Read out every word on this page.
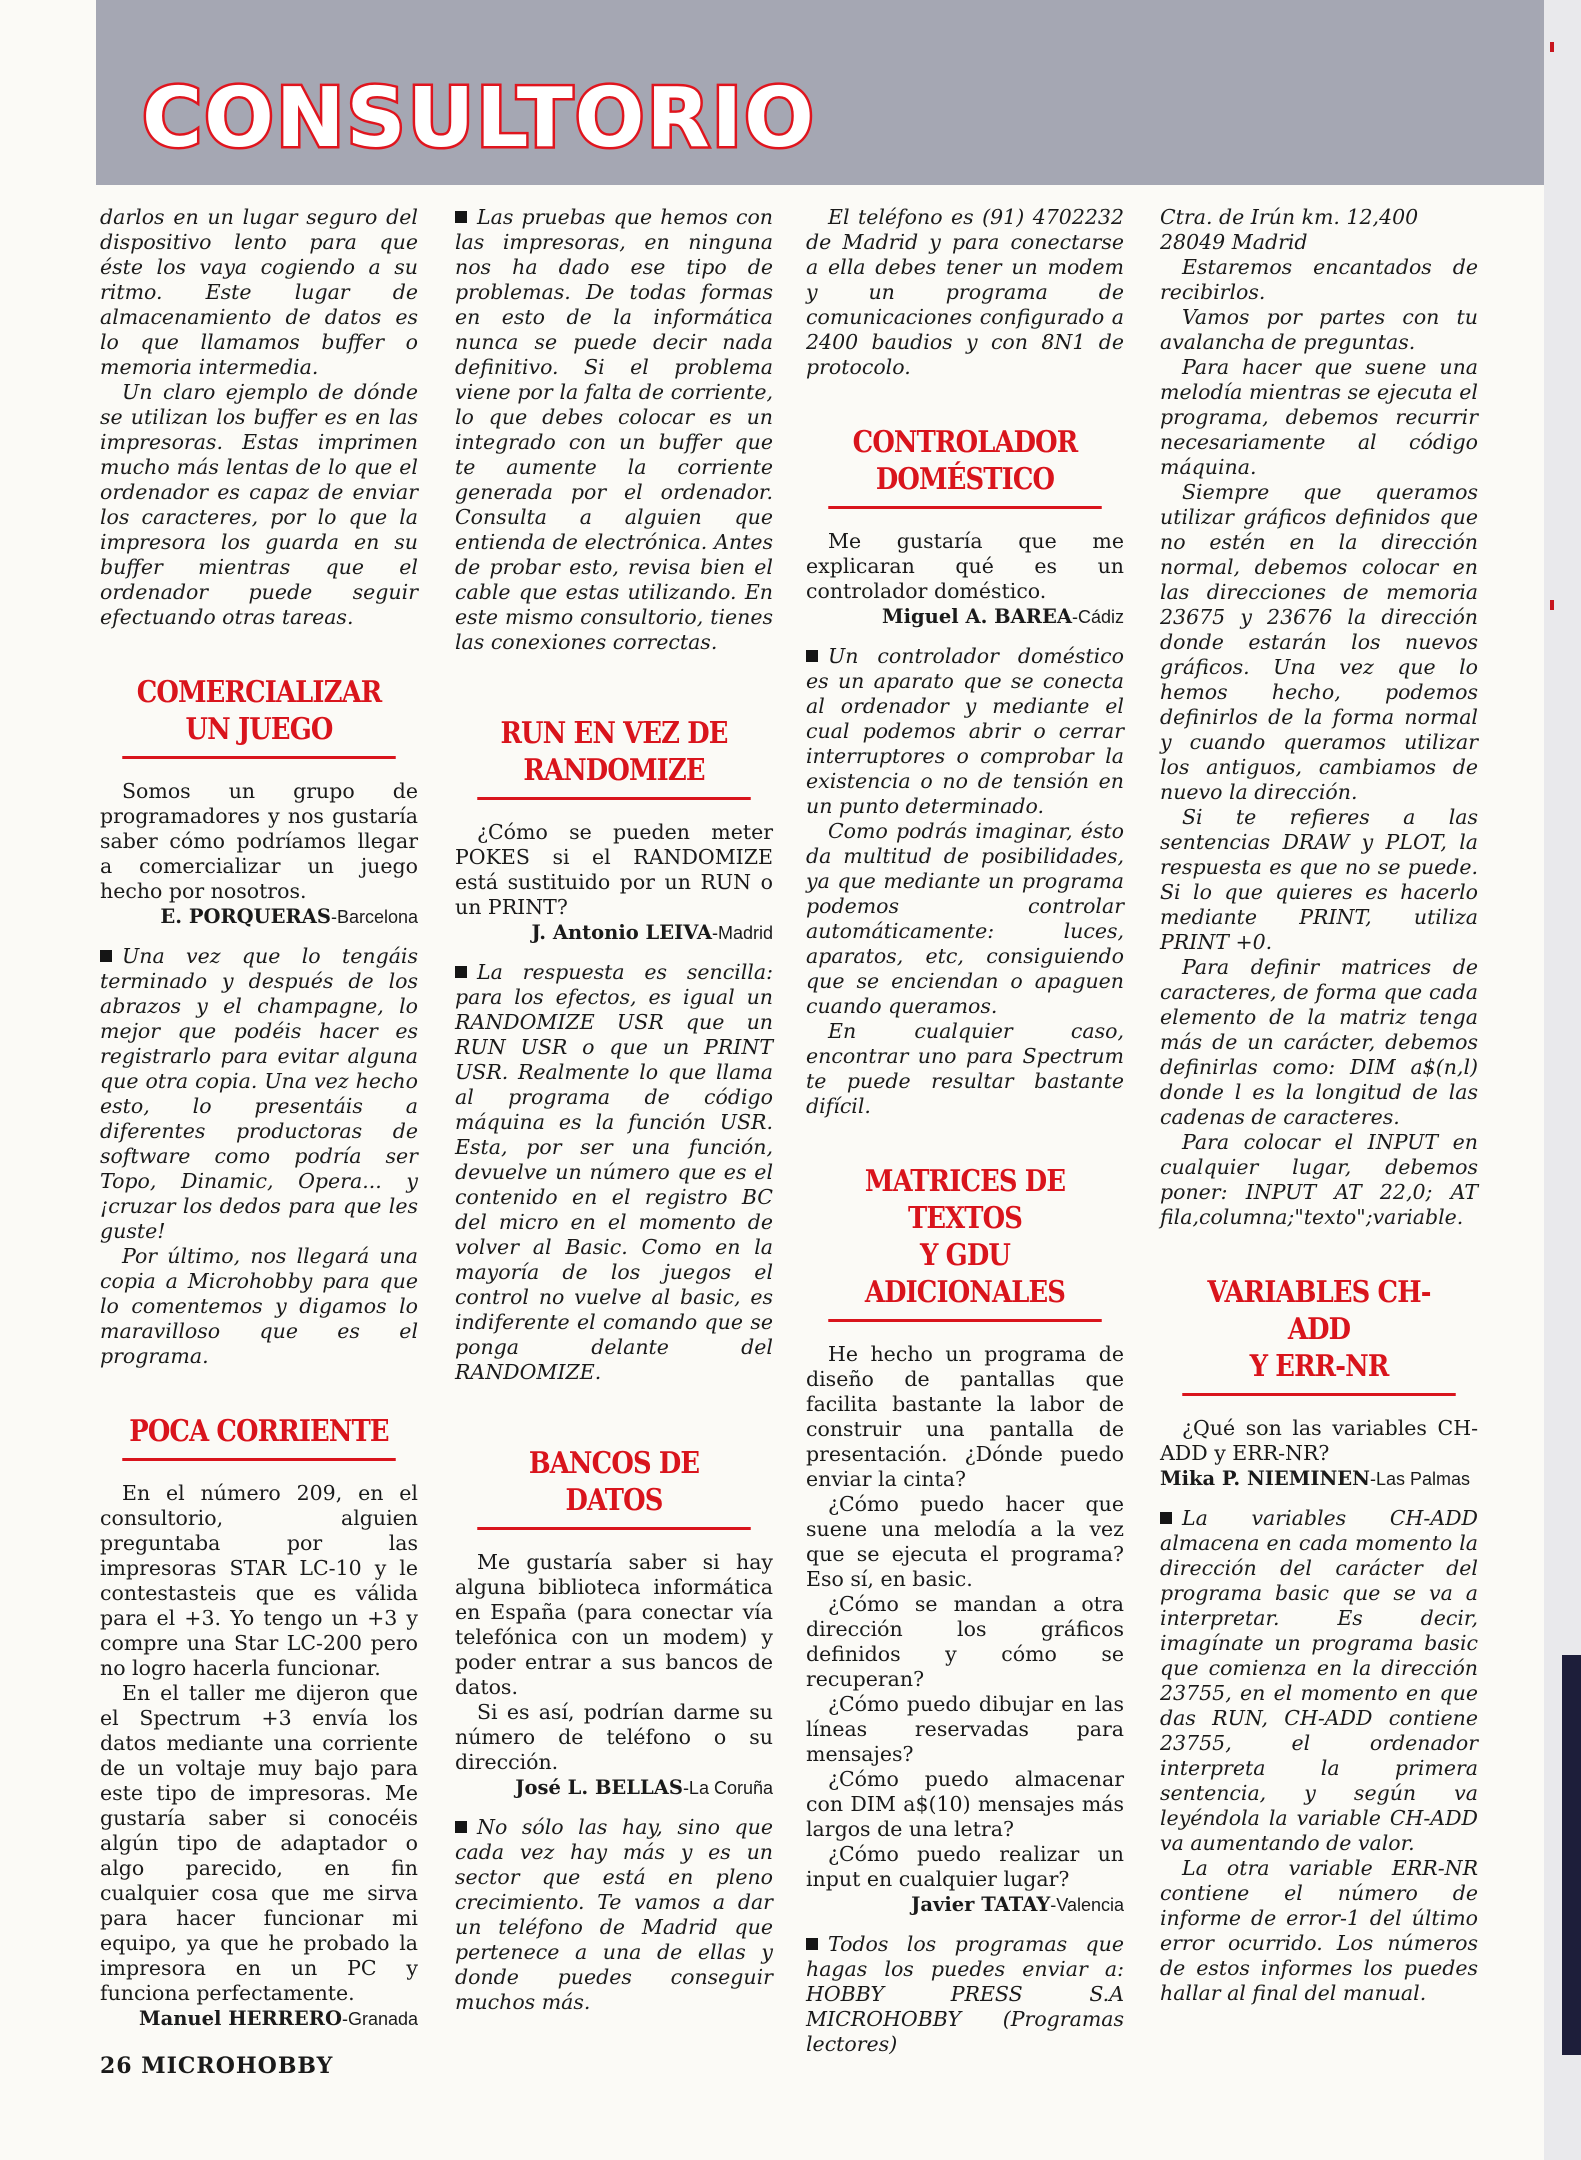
CONSULTORIO

darlos en un lugar seguro del dispositivo lento para que éste los vaya cogiendo a su ritmo. Este lugar de almacenamiento de datos es lo que llamamos buffer o memoria intermedia.

Un claro ejemplo de dónde se utilizan los buffer es en las impresoras. Estas imprimen mucho más lentas de lo que el ordenador es capaz de enviar los caracteres, por lo que la impresora los guarda en su buffer mientras que el ordenador puede seguir efectuando otras tareas.

COMERCIALIZAR
UN JUEGO

Somos un grupo de programadores y nos gustaría saber cómo podríamos llegar a comercializar un juego hecho por nosotros.

E. PORQUERAS-Barcelona

Una vez que lo tengáis terminado y después de los abrazos y el champagne, lo mejor que podéis hacer es registrarlo para evitar alguna que otra copia. Una vez hecho esto, lo presentáis a diferentes productoras de software como podría ser Topo, Dinamic, Opera... y ¡cruzar los dedos para que les guste!

Por último, nos llegará una copia a Microhobby para que lo comentemos y digamos lo maravilloso que es el programa.

POCA CORRIENTE

En el número 209, en el consultorio, alguien preguntaba por las impresoras STAR LC-10 y le contestasteis que es válida para el +3. Yo tengo un +3 y compre una Star LC-200 pero no logro hacerla funcionar.

En el taller me dijeron que el Spectrum +3 envía los datos mediante una corriente de un voltaje muy bajo para este tipo de impresoras. Me gustaría saber si conocéis algún tipo de adaptador o algo parecido, en fin cualquier cosa que me sirva para hacer funcionar mi equipo, ya que he probado la impresora en un PC y funciona perfectamente.

Manuel HERRERO-Granada

Las pruebas que hemos con las impresoras, en ninguna nos ha dado ese tipo de problemas. De todas formas en esto de la informática nunca se puede decir nada definitivo. Si el problema viene por la falta de corriente, lo que debes colocar es un integrado con un buffer que te aumente la corriente generada por el ordenador. Consulta a alguien que entienda de electrónica. Antes de probar esto, revisa bien el cable que estas utilizando. En este mismo consultorio, tienes las conexiones correctas.

RUN EN VEZ DE
RANDOMIZE

¿Cómo se pueden meter POKES si el RANDOMIZE está sustituido por un RUN o un PRINT?

J. Antonio LEIVA-Madrid

La respuesta es sencilla: para los efectos, es igual un RANDOMIZE USR que un RUN USR o que un PRINT USR. Realmente lo que llama al programa de código máquina es la función USR. Esta, por ser una función, devuelve un número que es el contenido en el registro BC del micro en el momento de volver al Basic. Como en la mayoría de los juegos el control no vuelve al basic, es indiferente el comando que se ponga delante del RANDOMIZE.

BANCOS DE DATOS

Me gustaría saber si hay alguna biblioteca informática en España (para conectar vía telefónica con un modem) y poder entrar a sus bancos de datos.

Si es así, podrían darme su número de teléfono o su dirección.

José L. BELLAS-La Coruña

No sólo las hay, sino que cada vez hay más y es un sector que está en pleno crecimiento. Te vamos a dar un teléfono de Madrid que pertenece a una de ellas y donde puedes conseguir muchos más.

El teléfono es (91) 4702232 de Madrid y para conectarse a ella debes tener un modem y un programa de comunicaciones configurado a 2400 baudios y con 8N1 de protocolo.

CONTROLADOR
DOMÉSTICO

Me gustaría que me explicaran qué es un controlador doméstico.

Miguel A. BAREA-Cádiz

Un controlador doméstico es un aparato que se conecta al ordenador y mediante el cual podemos abrir o cerrar interruptores o comprobar la existencia o no de tensión en un punto determinado.

Como podrás imaginar, ésto da multitud de posibilidades, ya que mediante un programa podemos controlar automáticamente: luces, aparatos, etc, consiguiendo que se enciendan o apaguen cuando queramos.

En cualquier caso, encontrar uno para Spectrum te puede resultar bastante difícil.

MATRICES DE TEXTOS
Y GDU ADICIONALES

He hecho un programa de diseño de pantallas que facilita bastante la labor de construir una pantalla de presentación. ¿Dónde puedo enviar la cinta?

¿Cómo puedo hacer que suene una melodía a la vez que se ejecuta el programa? Eso sí, en basic.

¿Cómo se mandan a otra dirección los gráficos definidos y cómo se recuperan?

¿Cómo puedo dibujar en las líneas reservadas para mensajes?

¿Cómo puedo almacenar con DIM a$(10) mensajes más largos de una letra?

¿Cómo puedo realizar un input en cualquier lugar?

Javier TATAY-Valencia

Todos los programas que hagas los puedes enviar a: HOBBY PRESS S.A MICROHOBBY (Programas lectores)

Ctra. de Irún km. 12,400

28049 Madrid

Estaremos encantados de recibirlos.

Vamos por partes con tu avalancha de preguntas.

Para hacer que suene una melodía mientras se ejecuta el programa, debemos recurrir necesariamente al código máquina.

Siempre que queramos utilizar gráficos definidos que no estén en la dirección normal, debemos colocar en las direcciones de memoria 23675 y 23676 la dirección donde estarán los nuevos gráficos. Una vez que lo hemos hecho, podemos definirlos de la forma normal y cuando queramos utilizar los antiguos, cambiamos de nuevo la dirección.

Si te refieres a las sentencias DRAW y PLOT, la respuesta es que no se puede. Si lo que quieres es hacerlo mediante PRINT, utiliza PRINT +0.

Para definir matrices de caracteres, de forma que cada elemento de la matriz tenga más de un carácter, debemos definirlas como: DIM a$(n,l) donde l es la longitud de las cadenas de caracteres.

Para colocar el INPUT en cualquier lugar, debemos poner: INPUT AT 22,0; AT fila,columna;"texto";variable.

VARIABLES CH-ADD
Y ERR-NR

¿Qué son las variables CH-ADD y ERR-NR?

Mika P. NIEMINEN-Las Palmas

La variables CH-ADD almacena en cada momento la dirección del carácter del programa basic que se va a interpretar. Es decir, imagínate un programa basic que comienza en la dirección 23755, en el momento en que das RUN, CH-ADD contiene 23755, el ordenador interpreta la primera sentencia, y según va leyéndola la variable CH-ADD va aumentando de valor.

La otra variable ERR-NR contiene el número de informe de error-1 del último error ocurrido. Los números de estos informes los puedes hallar al final del manual.

26 MICROHOBBY
